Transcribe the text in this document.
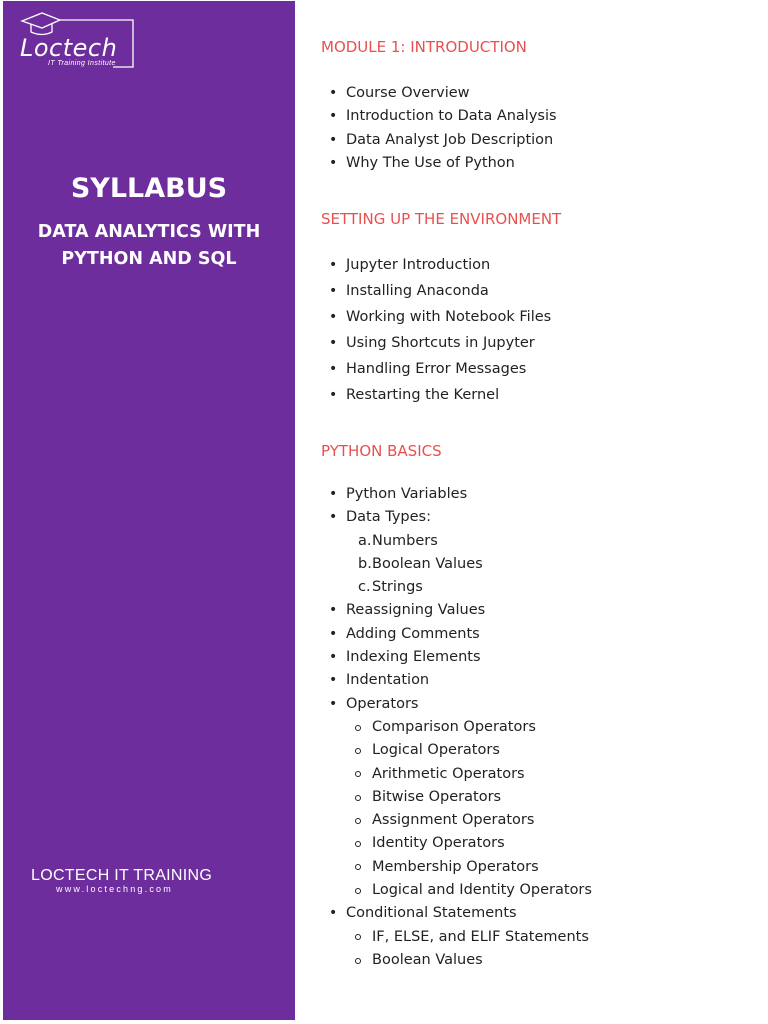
Loctech
IT Training Institute
SYLLABUS
DATA ANALYTICS WITH
PYTHON AND SQL
LOCTECH IT TRAINING
www.loctechng.com
MODULE 1: INTRODUCTION
• Course Overview
• Introduction to Data Analysis
• Data Analyst Job Description
• Why The Use of Python
SETTING UP THE ENVIRONMENT
• Jupyter Introduction
• Installing Anaconda
• Working with Notebook Files
• Using Shortcuts in Jupyter
• Handling Error Messages
• Restarting the Kernel
PYTHON BASICS
• Python Variables
• Data Types:
a. Numbers
b. Boolean Values
c. Strings
• Reassigning Values
• Adding Comments
• Indexing Elements
• Indentation
• Operators
Comparison Operators
Logical Operators
Arithmetic Operators
Bitwise Operators
Assignment Operators
Identity Operators
Membership Operators
Logical and Identity Operators
• Conditional Statements
IF, ELSE, and ELIF Statements
Boolean Values
